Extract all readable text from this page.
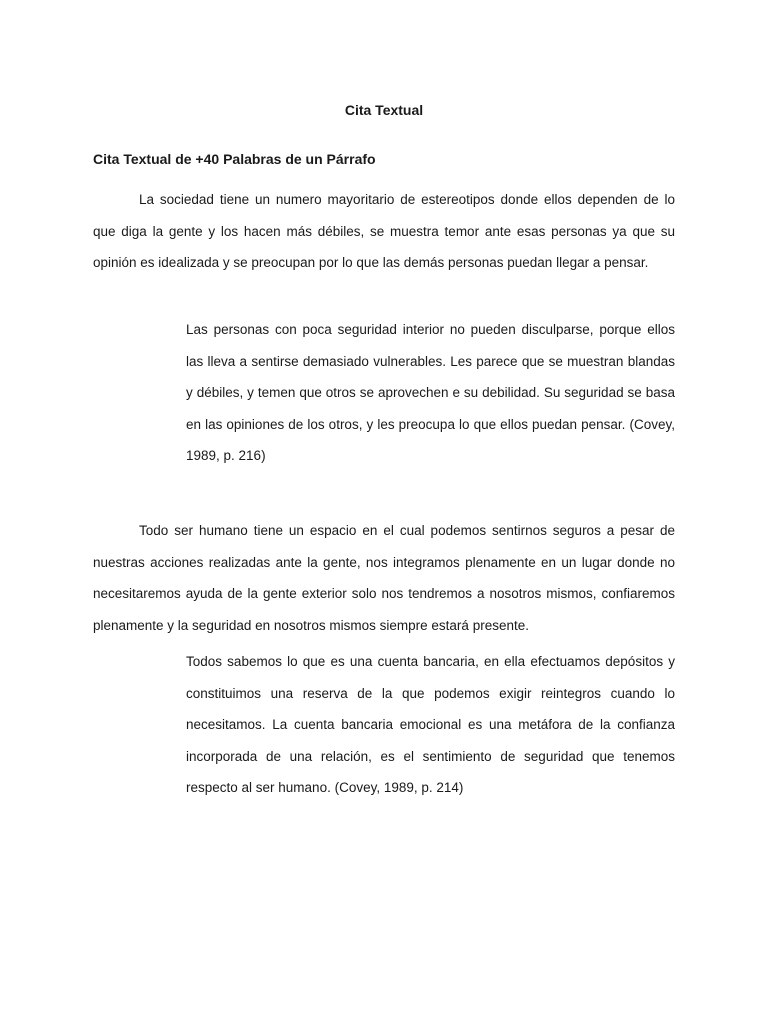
Cita Textual
Cita Textual de +40 Palabras de un Párrafo

La sociedad tiene un numero mayoritario de estereotipos donde ellos dependen de lo que diga la gente y los hacen más débiles, se muestra temor ante esas personas ya que su opinión es idealizada y se preocupan por lo que las demás personas puedan llegar a pensar.

Las personas con poca seguridad interior no pueden disculparse, porque ellos las lleva a sentirse demasiado vulnerables. Les parece que se muestran blandas y débiles, y temen que otros se aprovechen e su debilidad. Su seguridad se basa en las opiniones de los otros, y les preocupa lo que ellos puedan pensar. (Covey, 1989, p. 216)

Todo ser humano tiene un espacio en el cual podemos sentirnos seguros a pesar de nuestras acciones realizadas ante la gente, nos integramos plenamente en un lugar donde no necesitaremos ayuda de la gente exterior solo nos tendremos a nosotros mismos, confiaremos plenamente y la seguridad en nosotros mismos siempre estará presente.

Todos sabemos lo que es una cuenta bancaria, en ella efectuamos depósitos y constituimos una reserva de la que podemos exigir reintegros cuando lo necesitamos. La cuenta bancaria emocional es una metáfora de la confianza incorporada de una relación, es el sentimiento de seguridad que tenemos respecto al ser humano. (Covey, 1989, p. 214)
